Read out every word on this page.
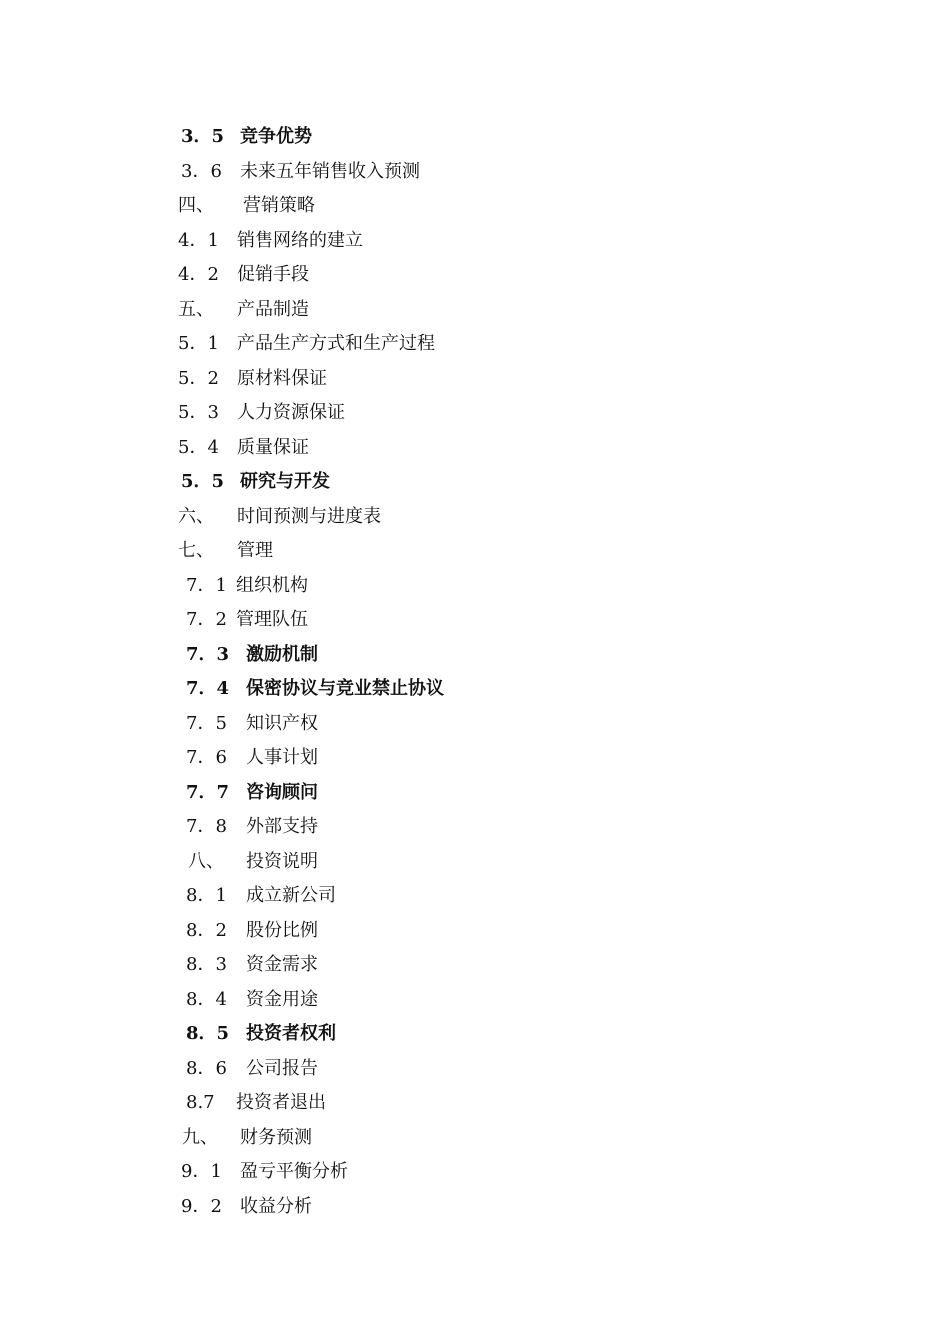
3．5 竞争优势
3．6 未来五年销售收入预测
四、 营销策略
4．1 销售网络的建立
4．2 促销手段
五、 产品制造
5．1 产品生产方式和生产过程
5．2 原材料保证
5．3 人力资源保证
5．4 质量保证
5．5 研究与开发
六、 时间预测与进度表
七、 管理
7．1 组织机构
7．2 管理队伍
7．3 激励机制
7．4 保密协议与竞业禁止协议
7．5 知识产权
7．6 人事计划
7．7 咨询顾问
7．8 外部支持
八、 投资说明
8．1 成立新公司
8．2 股份比例
8．3 资金需求
8．4 资金用途
8．5 投资者权利
8．6 公司报告
8.7 投资者退出
九、 财务预测
9．1 盈亏平衡分析
9．2 收益分析
